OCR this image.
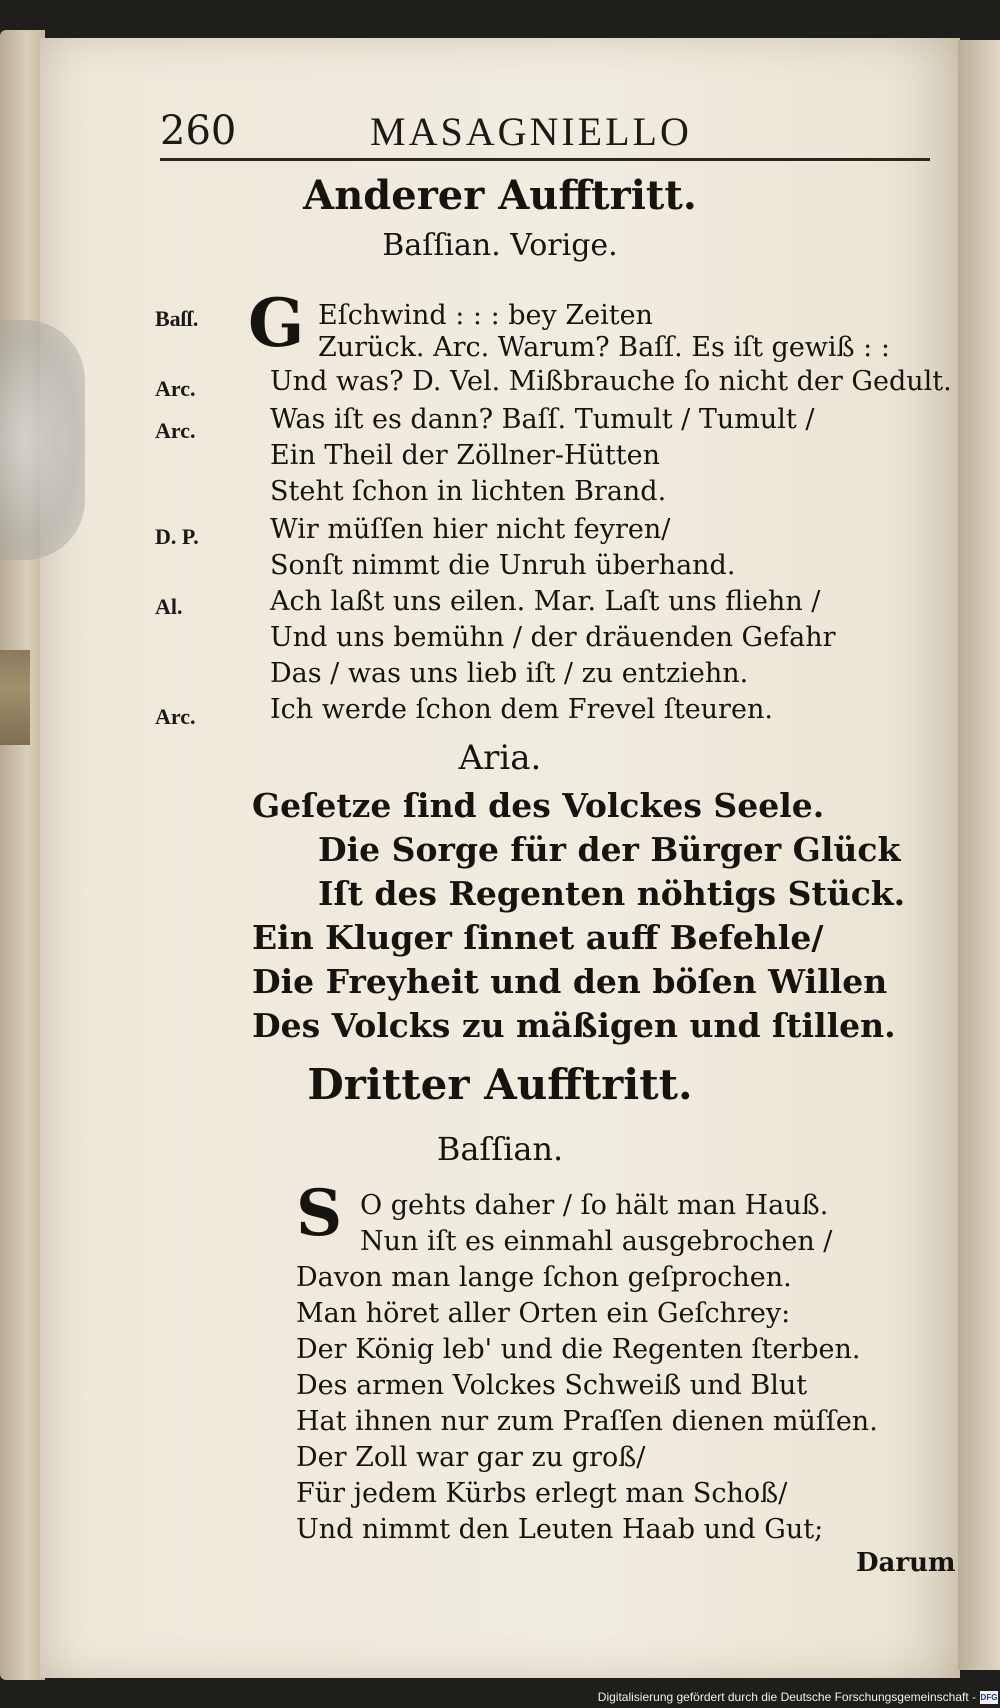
260	MASAGNIELLO
Anderer Aufftritt.
Baſſian. Vorige.
Baſſ. G Eſchwind : : : bey Zeiten
Zurück. Arc. Warum? Baſſ. Es iſt gewiß : :
Arc.	Und was? D. Vel. Mißbrauche ſo nicht der Gedult.
Arc.	Was iſt es dann? Baſſ. Tumult / Tumult /
Ein Theil der Zöllner-Hütten
Steht ſchon in lichten Brand.
D. P.	Wir müſſen hier nicht feyren/
Sonſt nimmt die Unruh überhand.
Al.	Ach laßt uns eilen. Mar. Laſt uns fliehn /
Und uns bemühn / der dräuenden Gefahr
Das / was uns lieb iſt / zu entziehn.
Arc.	Ich werde ſchon dem Frevel ſteuren.
Aria.
Geſetze ſind des Volckes Seele.
Die Sorge für der Bürger Glück
Iſt des Regenten nöhtigs Stück.
Ein Kluger ſinnet auff Befehle/
Die Freyheit und den böſen Willen
Des Volcks zu mäßigen und ſtillen.
Dritter Aufftritt.
Baſſian.
S O gehts daher / ſo hält man Hauß.
Nun iſt es einmahl ausgebrochen /
Davon man lange ſchon geſprochen.
Man höret aller Orten ein Geſchrey:
Der König leb' und die Regenten ſterben.
Des armen Volckes Schweiß und Blut
Hat ihnen nur zum Praſſen dienen müſſen.
Der Zoll war gar zu groß/
Für jedem Kürbs erlegt man Schoß/
Und nimmt den Leuten Haab und Gut;
Darum
Digitalisierung gefördert durch die Deutsche Forschungsgemeinschaft - DFG
